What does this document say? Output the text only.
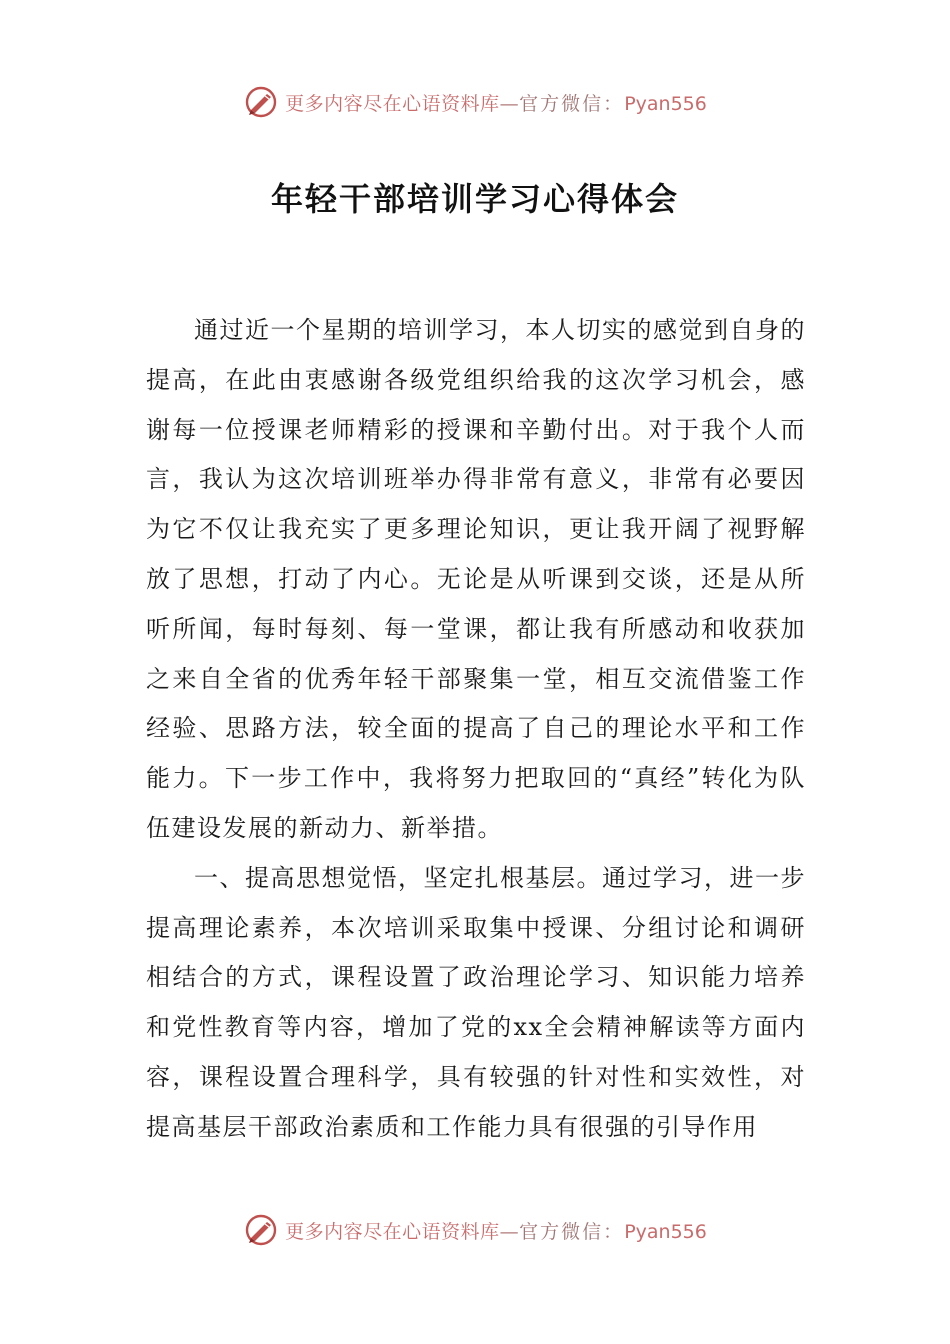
更多内容尽在心语资料库—官方微信：Pyan556
年轻干部培训学习心得体会

通过近一个星期的培训学习，本人切实的感觉到自身的提高，在此由衷感谢各级党组织给我的这次学习机会，感谢每一位授课老师精彩的授课和辛勤付出。对于我个人而言，我认为这次培训班举办得非常有意义，非常有必要因为它不仅让我充实了更多理论知识，更让我开阔了视野解放了思想，打动了内心。无论是从听课到交谈，还是从所听所闻，每时每刻、每一堂课，都让我有所感动和收获加之来自全省的优秀年轻干部聚集一堂，相互交流借鉴工作经验、思路方法，较全面的提高了自己的理论水平和工作能力。下一步工作中，我将努力把取回的“真经”转化为队伍建设发展的新动力、新举措。

一、提高思想觉悟，坚定扎根基层。通过学习，进一步提高理论素养，本次培训采取集中授课、分组讨论和调研相结合的方式，课程设置了政治理论学习、知识能力培养和党性教育等内容，增加了党的xx全会精神解读等方面内容，课程设置合理科学，具有较强的针对性和实效性，对提高基层干部政治素质和工作能力具有很强的引导作用

更多内容尽在心语资料库—官方微信：Pyan556
